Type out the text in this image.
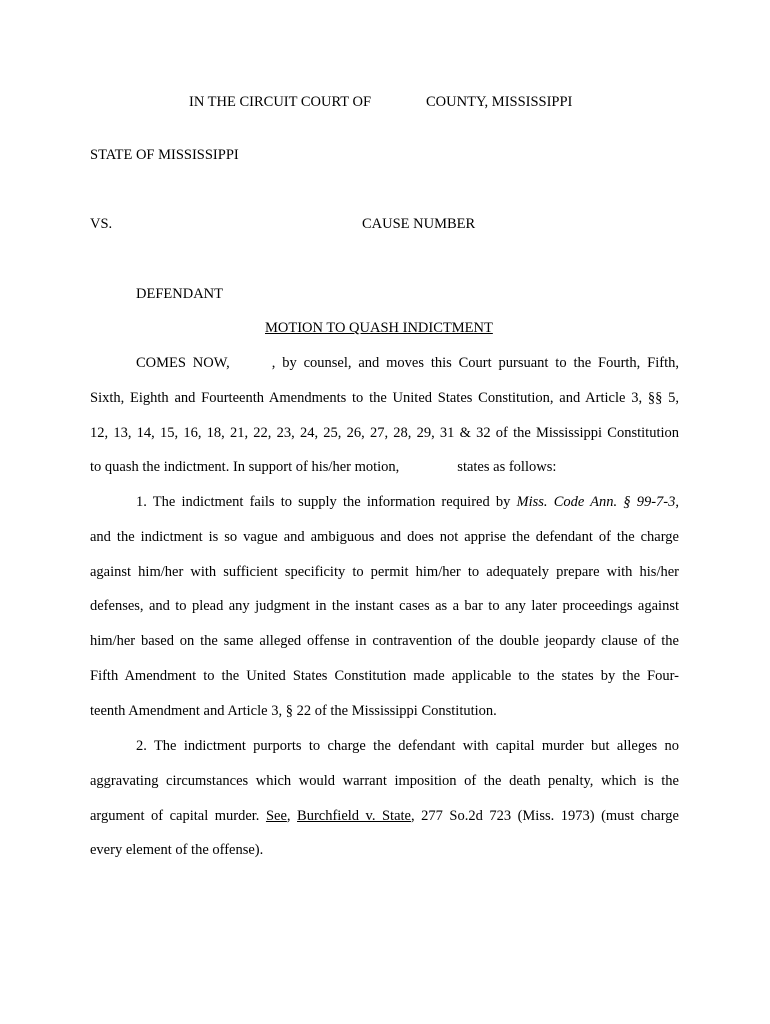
IN THE CIRCUIT COURT OF	COUNTY, MISSISSIPPI
STATE OF MISSISSIPPI
VS.	CAUSE NUMBER
DEFENDANT
MOTION TO QUASH INDICTMENT
COMES NOW,	, by counsel, and moves this Court pursuant to the Fourth, Fifth,
Sixth, Eighth and Fourteenth Amendments to the United States Constitution, and Article 3, §§ 5,
12, 13, 14, 15, 16, 18, 21, 22, 23, 24, 25, 26, 27, 28, 29, 31 & 32 of the Mississippi Constitution
to quash the indictment. In support of his/her motion,	states as follows:
1. The indictment fails to supply the information required by Miss. Code Ann. § 99-7-3,
and the indictment is so vague and ambiguous and does not apprise the defendant of the charge
against him/her with sufficient specificity to permit him/her to adequately prepare with his/her
defenses, and to plead any judgment in the instant cases as a bar to any later proceedings against
him/her based on the same alleged offense in contravention of the double jeopardy clause of the
Fifth Amendment to the United States Constitution made applicable to the states by the Four-
teenth Amendment and Article 3, § 22 of the Mississippi Constitution.
2. The indictment purports to charge the defendant with capital murder but alleges no
aggravating circumstances which would warrant imposition of the death penalty, which is the
argument of capital murder. See, Burchfield v. State, 277 So.2d 723 (Miss. 1973) (must charge
every element of the offense).
